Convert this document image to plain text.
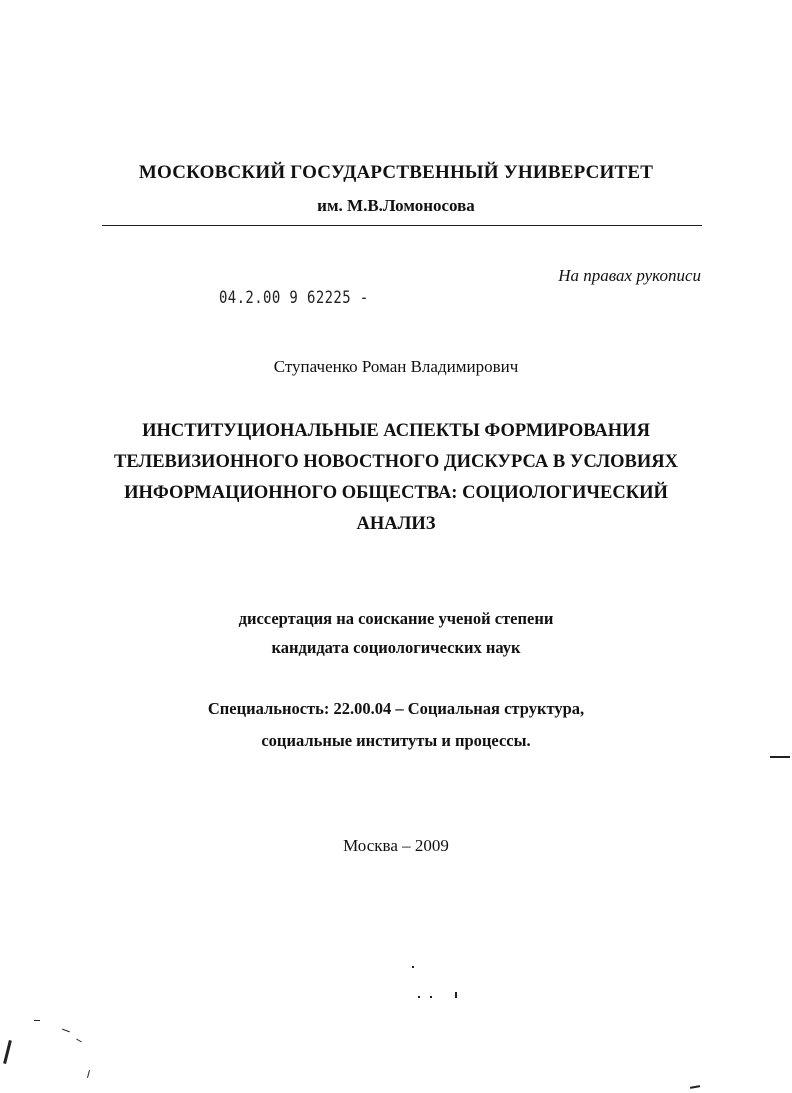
МОСКОВСКИЙ ГОСУДАРСТВЕННЫЙ УНИВЕРСИТЕТ
им. М.В.Ломоносова
На правах рукописи
04.2.00 9 62225 -
Ступаченко Роман Владимирович
ИНСТИТУЦИОНАЛЬНЫЕ АСПЕКТЫ ФОРМИРОВАНИЯ
ТЕЛЕВИЗИОННОГО НОВОСТНОГО ДИСКУРСА В УСЛОВИЯХ
ИНФОРМАЦИОННОГО ОБЩЕСТВА: СОЦИОЛОГИЧЕСКИЙ
АНАЛИЗ
диссертация на соискание ученой степени
кандидата социологических наук
Специальность: 22.00.04 – Социальная структура,
социальные институты и процессы.
Москва – 2009
